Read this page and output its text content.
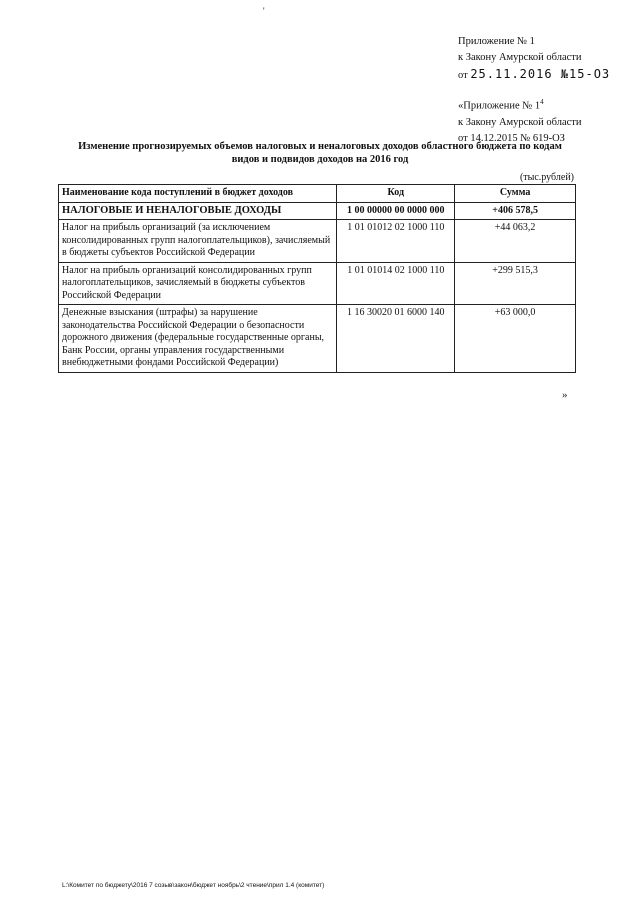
'
Приложение № 1
к Закону Амурской области
от 25.11.2016 №15-ОЗ
«Приложение № $1^4$
к Закону Амурской области
от 14.12.2015 № 619-ОЗ
Изменение прогнозируемых объемов налоговых и неналоговых доходов областного бюджета по кодам
видов и подвидов доходов на 2016 год
(тыс.рублей)
Наименование кода поступлений в бюджет доходов	Код	Сумма
НАЛОГОВЫЕ И НЕНАЛОГОВЫЕ ДОХОДЫ	1 00 00000 00 0000 000	+406 578,5
Налог на прибыль организаций (за исключением консолидированных групп налогоплательщиков), зачисляемый в бюджеты субъектов Российской Федерации	1 01 01012 02 1000 110	+44 063,2
Налог на прибыль организаций консолидированных групп налогоплательщиков, зачисляемый в бюджеты субъектов Российской Федерации	1 01 01014 02 1000 110	+299 515,3
Денежные взыскания (штрафы) за нарушение законодательства Российской Федерации о безопасности дорожного движения (федеральные государственные органы, Банк России, органы управления государственными внебюджетными фондами Российской Федерации)	1 16 30020 01 6000 140	+63 000,0
»
L:\Комитет по бюджету\2016 7 созыв\закон\бюджет ноябрь\2 чтение\прил 1.4 (комитет)
